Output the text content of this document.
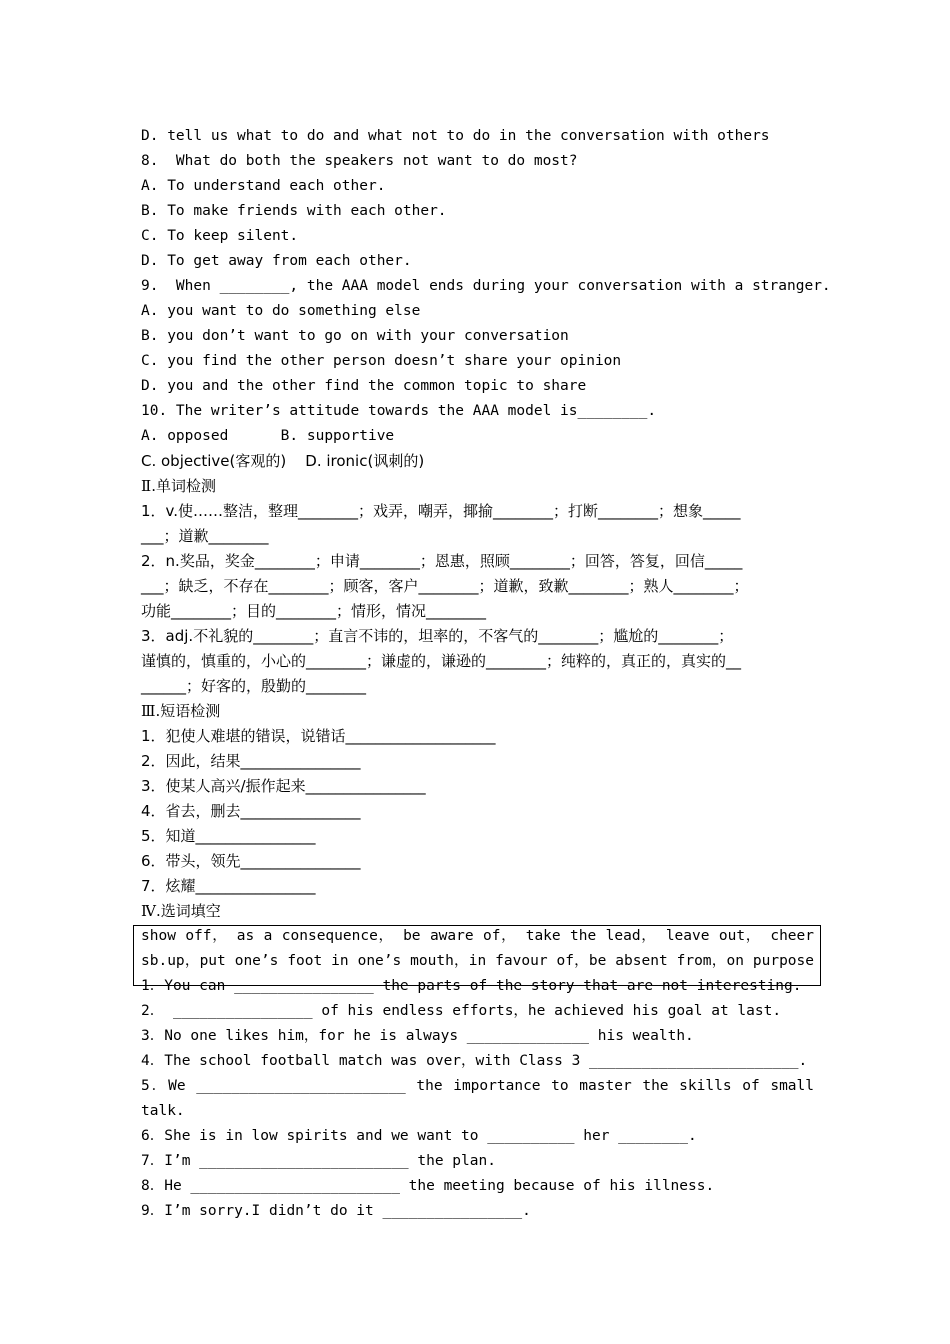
D. tell us what to do and what not to do in the conversation with others
8.  What do both the speakers not want to do most?
A. To understand each other.
B. To make friends with each other.
C. To keep silent.
D. To get away from each other.
9.  When ________, the AAA model ends during your conversation with a stranger.
A. you want to do something else
B. you don’t want to go on with your conversation
C. you find the other person doesn’t share your opinion
D. you and the other find the common topic to share
10. The writer’s attitude towards the AAA model is________.
A. opposed      B. supportive
C. objective(客观的)    D. ironic(讽刺的)
Ⅱ.单词检测
1．v.使……整洁，整理________；戏弄，嘲弄，揶揄________；打断________；想象_____
___；道歉________
2．n.奖品，奖金________；申请________；恩惠，照顾________；回答，答复，回信_____
___；缺乏，不存在________；顾客，客户________；道歉，致歉________；熟人________；
功能________；目的________；情形，情况________
3．adj.不礼貌的________；直言不讳的，坦率的，不客气的________；尴尬的________；
谨慎的，慎重的，小心的________；谦虚的，谦逊的________；纯粹的，真正的，真实的__
______；好客的，殷勤的________
Ⅲ.短语检测
1．犯使人难堪的错误，说错话____________________
2．因此，结果________________
3．使某人高兴/振作起来________________
4．省去，删去________________
5．知道________________
6．带头，领先________________
7．炫耀________________
Ⅳ.选词填空
show off， as a consequence， be aware of， take the lead， leave out， cheer
sb.up，put one’s foot in one’s mouth，in favour of，be absent from，on purpose
1．You can ________________ the parts of the story that are not interesting.
2． ________________ of his endless efforts，he achieved his goal at last.
3．No one likes him，for he is always ______________ his wealth.
4．The school football match was over，with Class 3 ________________________.
5．We ________________________ the importance to master the skills of small
talk.
6．She is in low spirits and we want to __________ her ________.
7．I’m ________________________ the plan.
8．He ________________________ the meeting because of his illness.
9．I’m sorry.I didn’t do it ________________.
